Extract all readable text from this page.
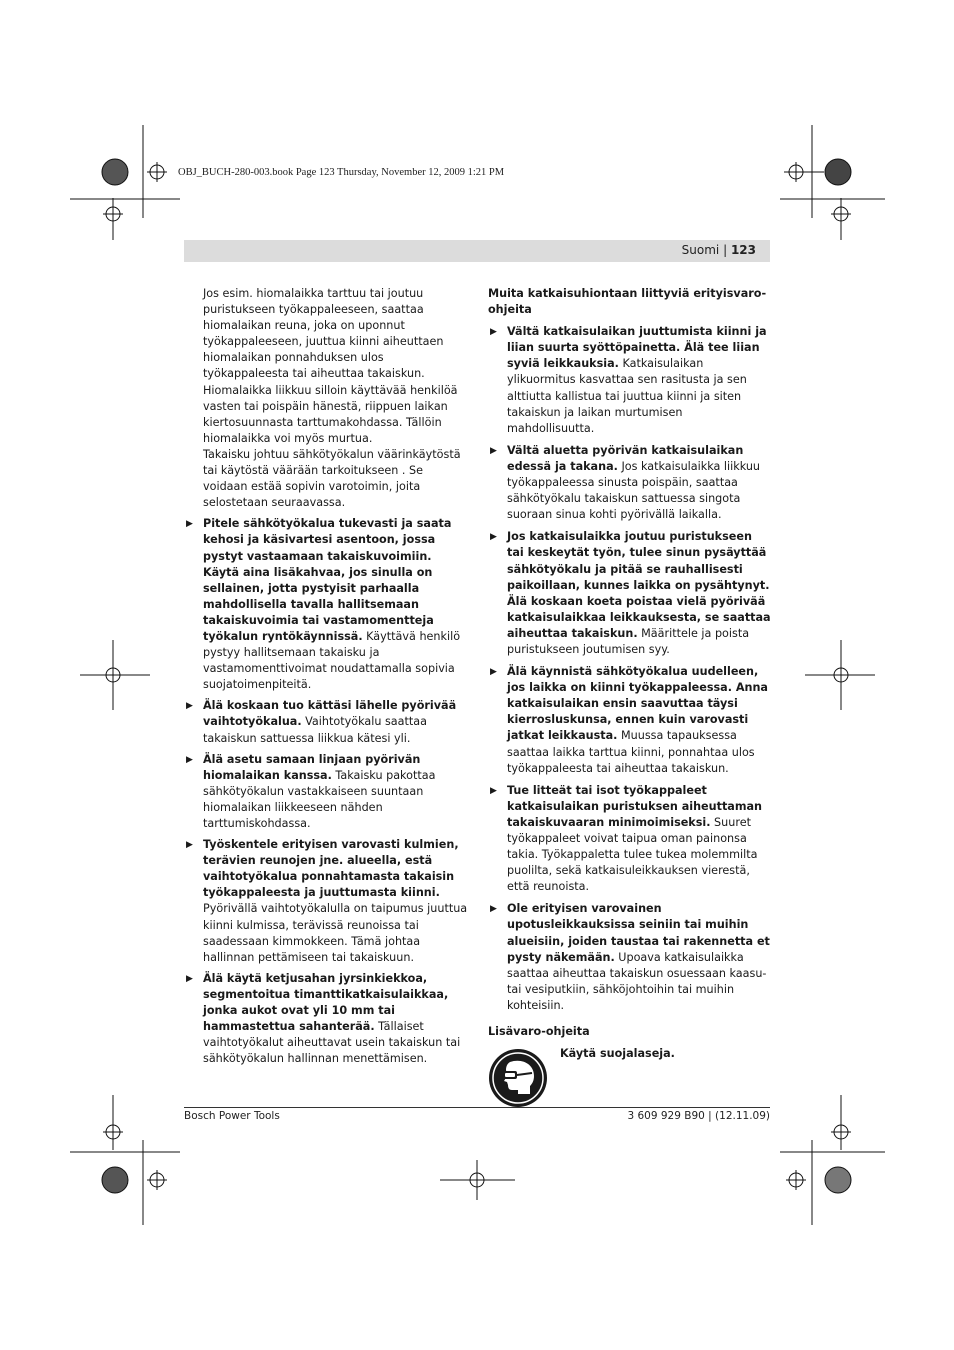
OBJ_BUCH-280-003.book Page 123 Thursday, November 12, 2009 1:21 PM
Suomi | 123

Jos esim. hiomalaikka tarttuu tai joutuu puristukseen työkappaleeseen, saattaa hiomalaikan reuna, joka on uponnut työkappaleeseen, juuttua kiinni aiheuttaen hiomalaikan ponnahduksen ulos työkappaleesta tai aiheuttaa takaiskun. Hiomalaikka liikkuu silloin käyttävää henkilöä vasten tai poispäin hänestä, riippuen laikan kiertosuunnasta tarttumakohdassa. Tällöin hiomalaikka voi myös murtua.

Takaisku johtuu sähkötyökalun väärinkäytöstä tai käytöstä väärään tarkoitukseen . Se voidaan estää sopivin varotoimin, joita selostetaan seuraavassa.

▶ Pitele sähkötyökalua tukevasti ja saata kehosi ja käsivartesi asentoon, jossa pystyt vastaamaan takaiskuvoimiin. Käytä aina lisäkahvaa, jos sinulla on sellainen, jotta pystyisit parhaalla mahdollisella tavalla hallitsemaan takaiskuvoimia tai vastamomentteja työkalun ryntökäynnissä. Käyttävä henkilö pystyy hallitsemaan takaisku ja vastamomenttivoimat noudattamalla sopivia suojatoimenpiteitä.
▶ Älä koskaan tuo kättäsi lähelle pyörivää vaihtotyökalua. Vaihtotyökalu saattaa takaiskun sattuessa liikkua kätesi yli.
▶ Älä asetu samaan linjaan pyörivän hiomalaikan kanssa. Takaisku pakottaa sähkötyökalun vastakkaiseen suuntaan hiomalaikan liikkeeseen nähden tarttumiskohdassa.
▶ Työskentele erityisen varovasti kulmien, terävien reunojen jne. alueella, estä vaihtotyökalua ponnahtamasta takaisin työkappaleesta ja juuttumasta kiinni. Pyörivällä vaihtotyökalulla on taipumus juuttua kiinni kulmissa, terävissä reunoissa tai saadessaan kimmokkeen. Tämä johtaa hallinnan pettämiseen tai takaiskuun.
▶ Älä käytä ketjusahan jyrsinkiekkoa, segmentoitua timanttikatkaisulaikkaa, jonka aukot ovat yli 10 mm tai hammastettua sahanterää. Tällaiset vaihtotyökalut aiheuttavat usein takaiskun tai sähkötyökalun hallinnan menettämisen.
Muita katkaisuhiontaan liittyviä erityisvaro-ohjeita
▶ Vältä katkaisulaikan juuttumista kiinni ja liian suurta syöttöpainetta. Älä tee liian syviä leikkauksia. Katkaisulaikan ylikuormitus kasvattaa sen rasitusta ja sen alttiutta kallistua tai juuttua kiinni ja siten takaiskun ja laikan murtumisen mahdollisuutta.
▶ Vältä aluetta pyörivän katkaisulaikan edessä ja takana. Jos katkaisulaikka liikkuu työkappaleessa sinusta poispäin, saattaa sähkötyökalu takaiskun sattuessa singota suoraan sinua kohti pyörivällä laikalla.
▶ Jos katkaisulaikka joutuu puristukseen tai keskeytät työn, tulee sinun pysäyttää sähkötyökalu ja pitää se rauhallisesti paikoillaan, kunnes laikka on pysähtynyt. Älä koskaan koeta poistaa vielä pyörivää katkaisulaikkaa leikkauksesta, se saattaa aiheuttaa takaiskun. Määrittele ja poista puristukseen joutumisen syy.
▶ Älä käynnistä sähkötyökalua uudelleen, jos laikka on kiinni työkappaleessa. Anna katkaisulaikan ensin saavuttaa täysi kierrosluskunsa, ennen kuin varovasti jatkat leikkausta. Muussa tapauksessa saattaa laikka tarttua kiinni, ponnahtaa ulos työkappaleesta tai aiheuttaa takaiskun.
▶ Tue litteät tai isot työkappaleet katkaisulaikan puristuksen aiheuttaman takaiskuvaaran minimoimiseksi. Suuret työkappaleet voivat taipua oman painonsa takia. Työkappaletta tulee tukea molemmilta puolilta, sekä katkaisuleikkauksen vierestä, että reunoista.
▶ Ole erityisen varovainen upotusleikkauksissa seiniin tai muihin alueisiin, joiden taustaa tai rakennetta et pysty näkemään. Upoava katkaisulaikka saattaa aiheuttaa takaiskun osuessaan kaasu- tai vesiputkiin, sähköjohtoihin tai muihin kohteisiin.
Lisävaro-ohjeita
Käytä suojalaseja.
Bosch Power Tools	3 609 929 B90 | (12.11.09)
